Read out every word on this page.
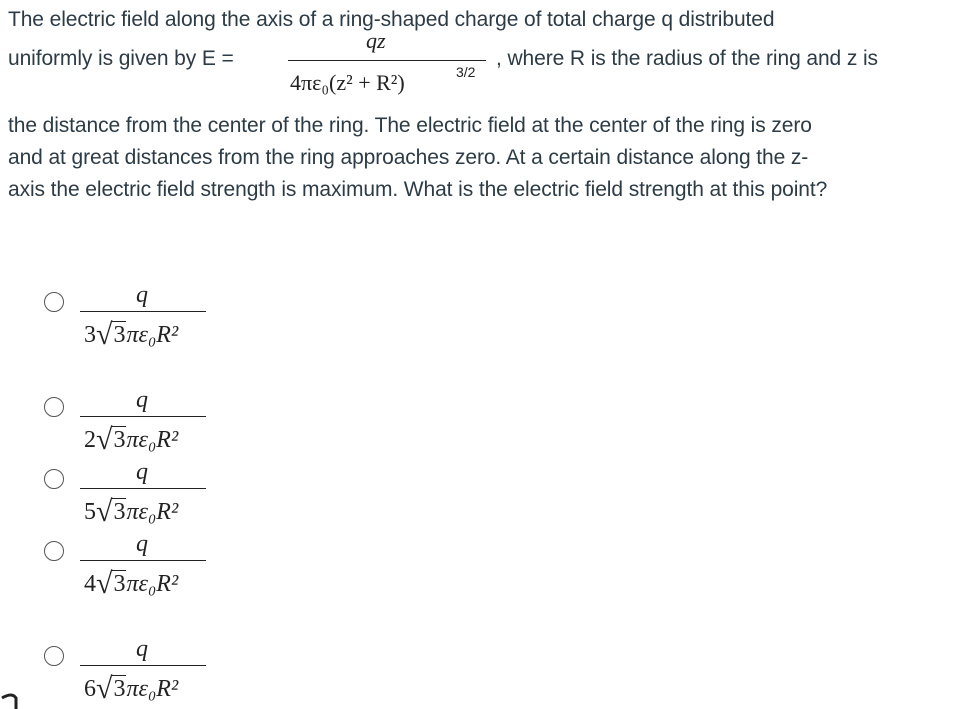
The electric field along the axis of a ring-shaped charge of total charge q distributed
uniformly is given by E =
qz
4πε₀(z² + R²)	3/2
, where R is the radius of the ring and z is
the distance from the center of the ring. The electric field at the center of the ring is zero
and at great distances from the ring approaches zero. At a certain distance along the z-
axis the electric field strength is maximum. What is the electric field strength at this point?
q
3√3πε₀R²
q
2√3πε₀R²
q
5√3πε₀R²
q
4√3πε₀R²
q
6√3πε₀R²
